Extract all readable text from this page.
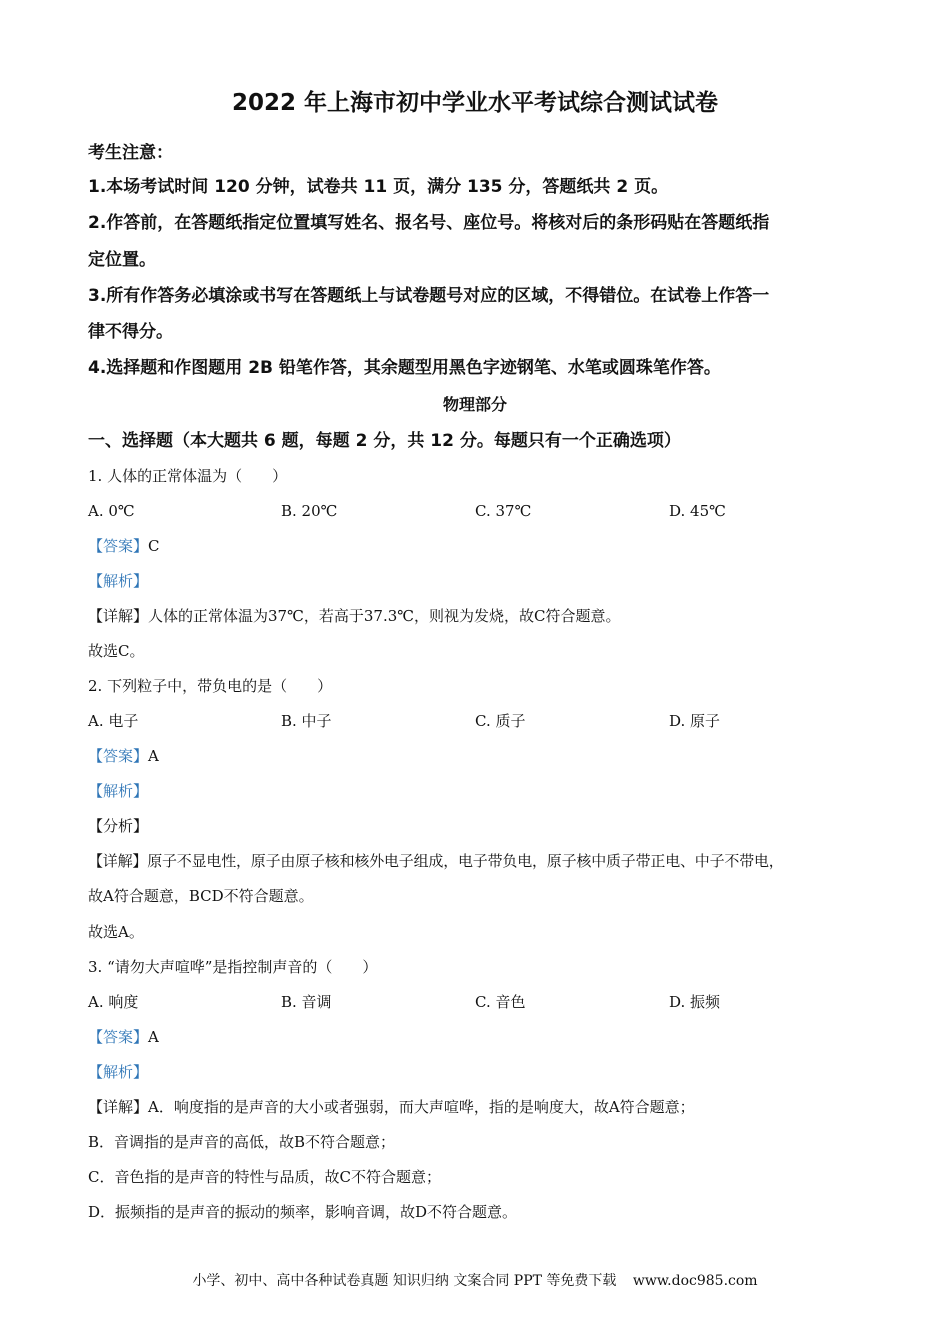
2022 年上海市初中学业水平考试综合测试试卷
考生注意：
1.本场考试时间 120 分钟，试卷共 11 页，满分 135 分，答题纸共 2 页。
2.作答前，在答题纸指定位置填写姓名、报名号、座位号。将核对后的条形码贴在答题纸指
定位置。
3.所有作答务必填涂或书写在答题纸上与试卷题号对应的区域，不得错位。在试卷上作答一
律不得分。
4.选择题和作图题用 2B 铅笔作答，其余题型用黑色字迹钢笔、水笔或圆珠笔作答。
物理部分
一、选择题（本大题共 6 题，每题 2 分，共 12 分。每题只有一个正确选项）
1. 人体的正常体温为（　　）
A. 0℃	B. 20℃	C. 37℃	D. 45℃
【答案】C
【解析】
【详解】人体的正常体温为37℃，若高于37.3℃，则视为发烧，故C符合题意。
故选C。
2. 下列粒子中，带负电的是（　　）
A. 电子	B. 中子	C. 质子	D. 原子
【答案】A
【解析】
【分析】
【详解】原子不显电性，原子由原子核和核外电子组成，电子带负电，原子核中质子带正电、中子不带电，
故A符合题意，BCD不符合题意。
故选A。
3. “请勿大声喧哗”是指控制声音的（　　）
A. 响度	B. 音调	C. 音色	D. 振频
【答案】A
【解析】
【详解】A．响度指的是声音的大小或者强弱，而大声喧哗，指的是响度大，故A符合题意；
B．音调指的是声音的高低，故B不符合题意；
C．音色指的是声音的特性与品质，故C不符合题意；
D．振频指的是声音的振动的频率，影响音调，故D不符合题意。
小学、初中、高中各种试卷真题 知识归纳 文案合同 PPT 等免费下载 www.doc985.com
